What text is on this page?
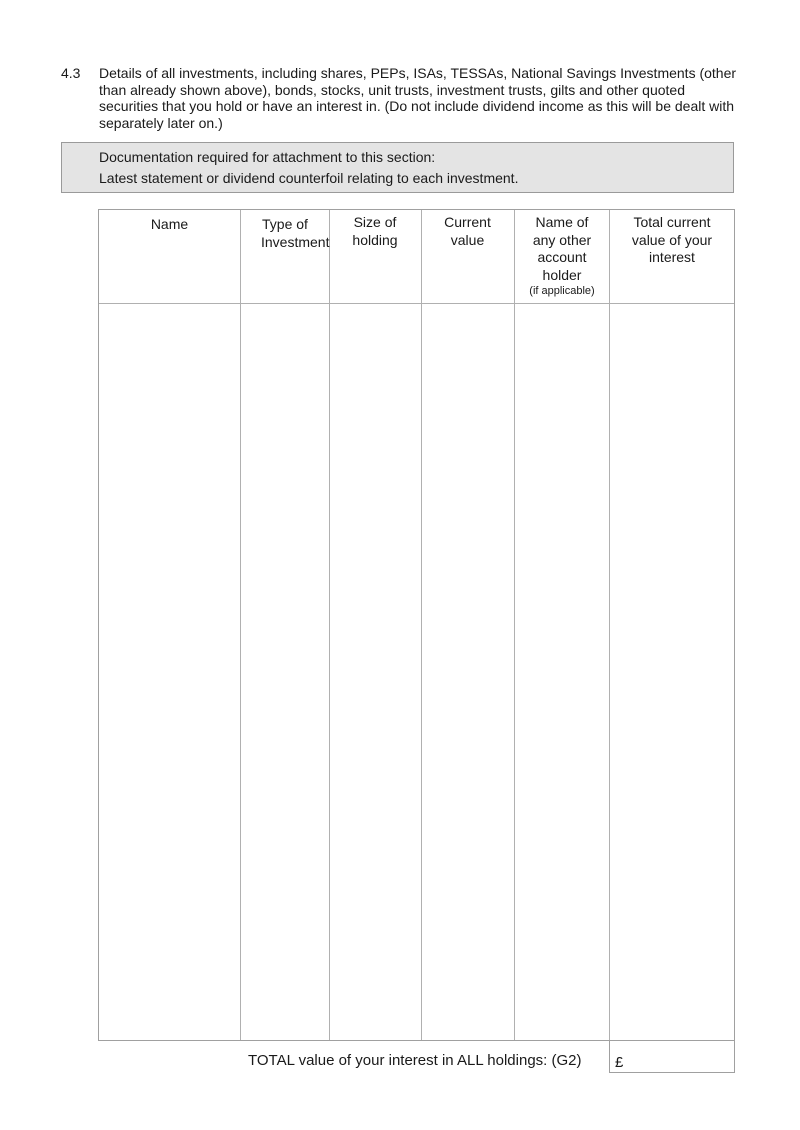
4.3 Details of all investments, including shares, PEPs, ISAs, TESSAs, National Savings Investments (other than already shown above), bonds, stocks, unit trusts, investment trusts, gilts and other quoted securities that you hold or have an interest in. (Do not include dividend income as this will be dealt with separately later on.)
Documentation required for attachment to this section:
Latest statement or dividend counterfoil relating to each investment.
Name	Type of Investment
Size of holding
Current value
Name of any other account holder
(if applicable)
Total current value of your interest
TOTAL value of your interest in ALL holdings: (G2) £
